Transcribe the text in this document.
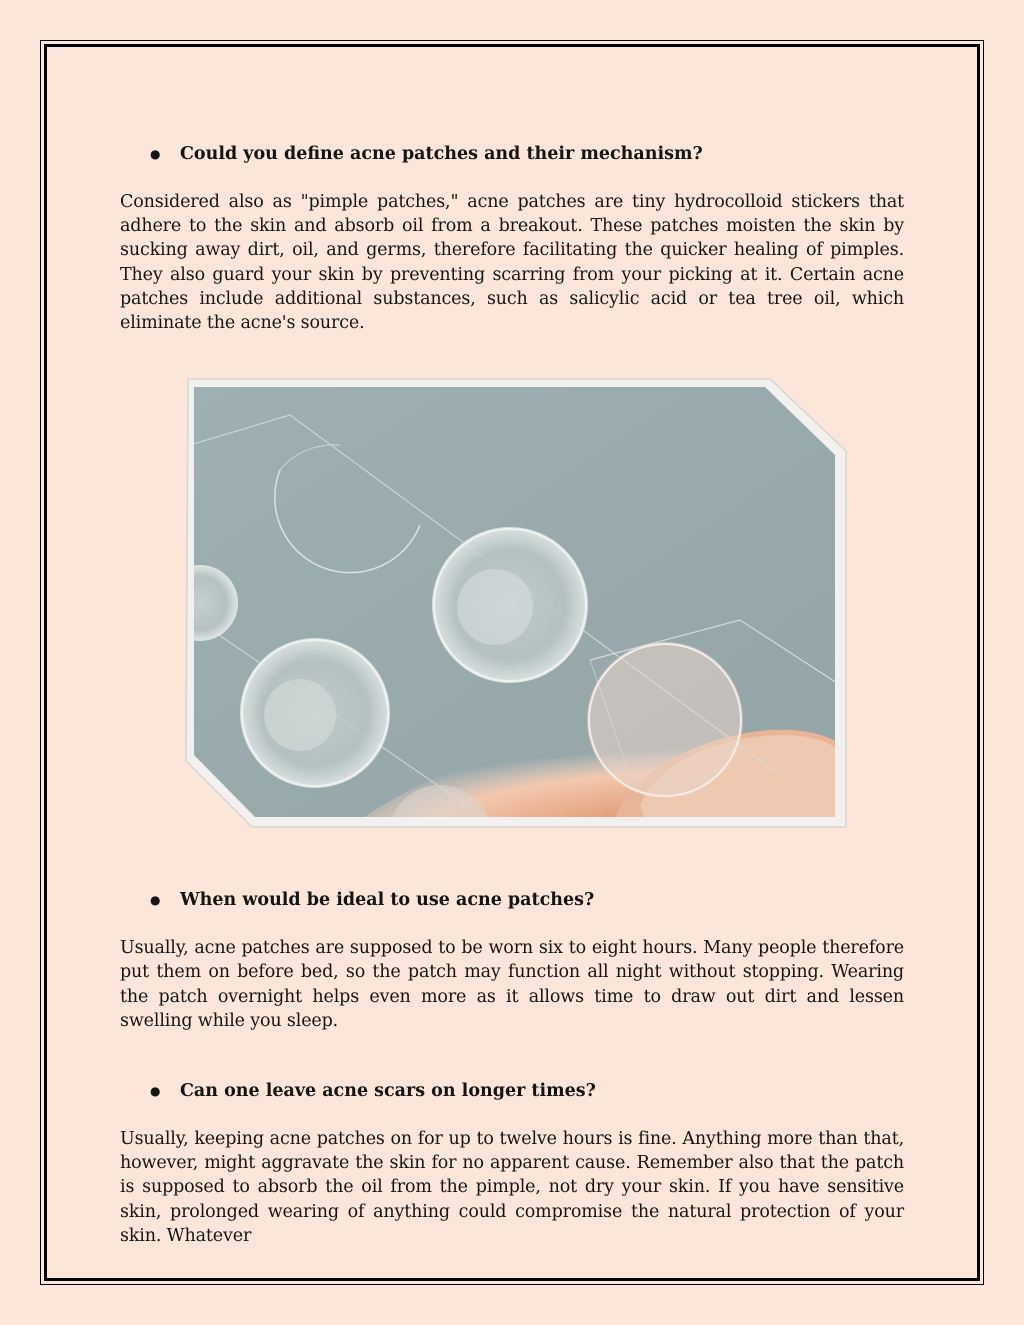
●	Could you define acne patches and their mechanism?

Considered also as "pimple patches," acne patches are tiny hydrocolloid stickers that adhere to the skin and absorb oil from a breakout. These patches moisten the skin by sucking away dirt, oil, and germs, therefore facilitating the quicker healing of pimples. They also guard your skin by preventing scarring from your picking at it. Certain acne patches include additional substances, such as salicylic acid or tea tree oil, which eliminate the acne's source.

●	When would be ideal to use acne patches?

Usually, acne patches are supposed to be worn six to eight hours. Many people therefore put them on before bed, so the patch may function all night without stopping. Wearing the patch overnight helps even more as it allows time to draw out dirt and lessen swelling while you sleep.

●	Can one leave acne scars on longer times?

Usually, keeping acne patches on for up to twelve hours is fine. Anything more than that, however, might aggravate the skin for no apparent cause. Remember also that the patch is supposed to absorb the oil from the pimple, not dry your skin. If you have sensitive skin, prolonged wearing of anything could compromise the natural protection of your skin. Whatever
